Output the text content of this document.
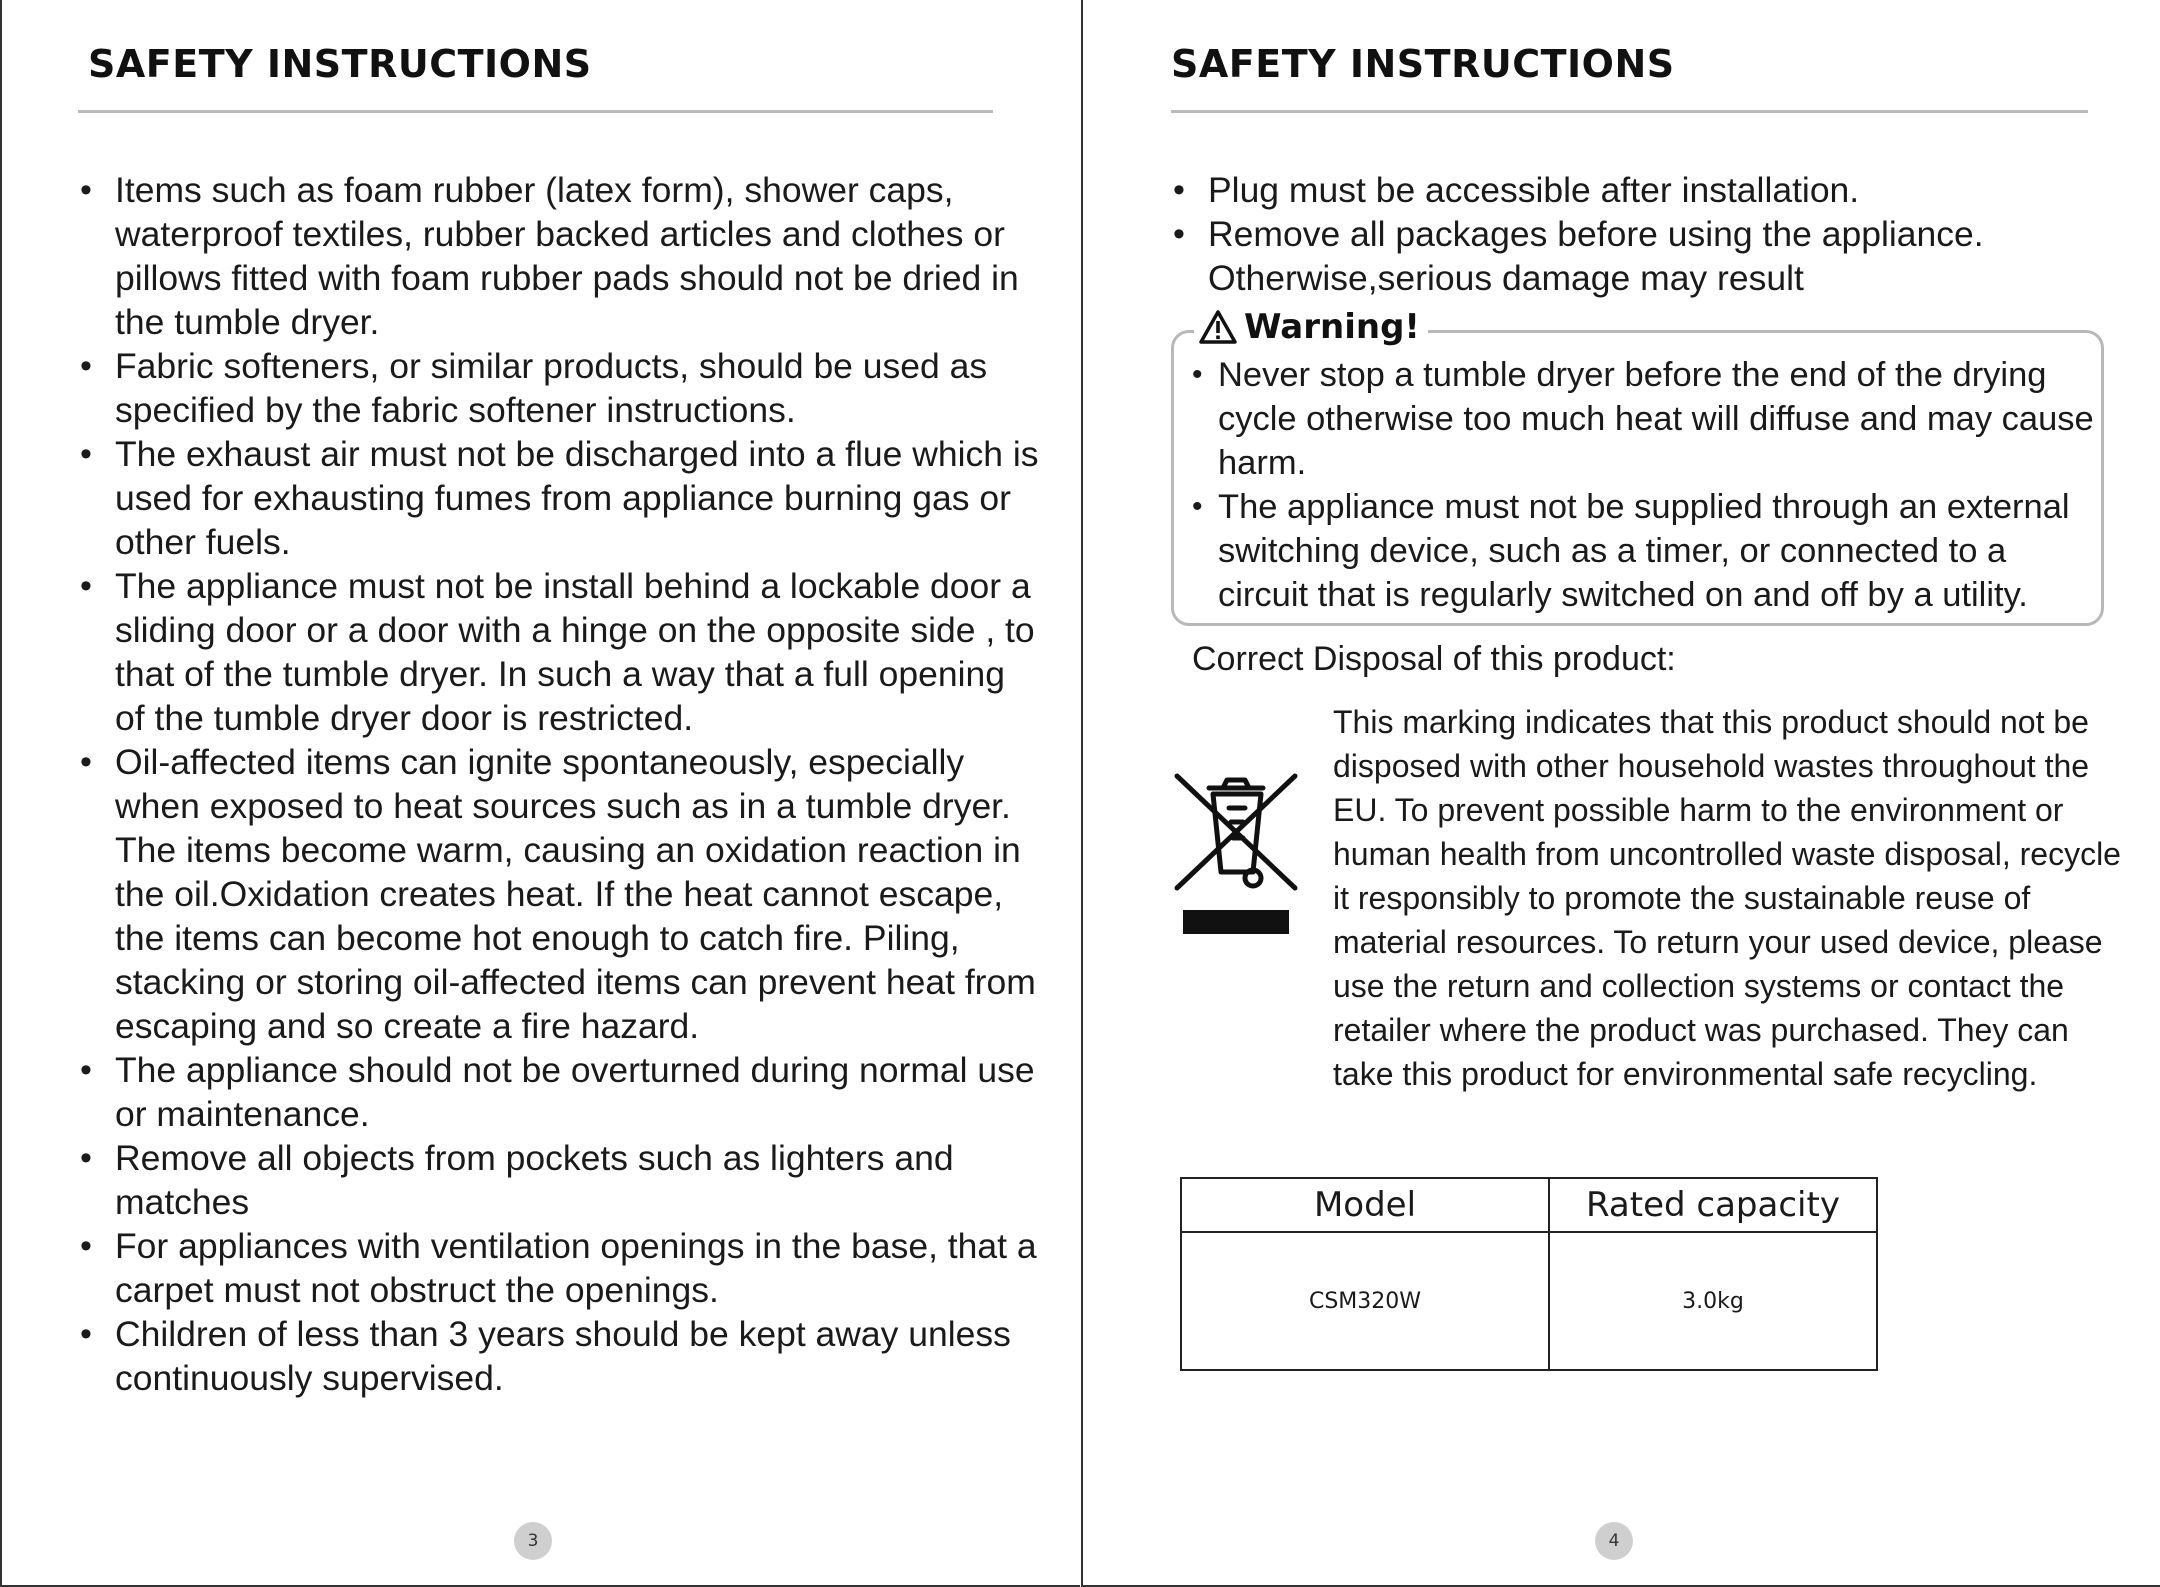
SAFETY INSTRUCTIONS
• Items such as foam rubber (latex form), shower caps, waterproof textiles, rubber backed articles and clothes or pillows fitted with foam rubber pads should not be dried in the tumble dryer.
• Fabric softeners, or similar products, should be used as specified by the fabric softener instructions.
• The exhaust air must not be discharged into a flue which is used for exhausting fumes from appliance burning gas or other fuels.
• The appliance must not be install behind a lockable door a sliding door or a door with a hinge on the opposite side , to that of the tumble dryer. In such a way that a full opening of the tumble dryer door is restricted.
• Oil-affected items can ignite spontaneously, especially when exposed to heat sources such as in a tumble dryer. The items become warm, causing an oxidation reaction in the oil.Oxidation creates heat. If the heat cannot escape, the items can become hot enough to catch fire. Piling, stacking or storing oil-affected items can prevent heat from escaping and so create a fire hazard.
• The appliance should not be overturned during normal use or maintenance.
• Remove all objects from pockets such as lighters and matches
• For appliances with ventilation openings in the base, that a carpet must not obstruct the openings.
• Children of less than 3 years should be kept away unless continuously supervised.
3
SAFETY INSTRUCTIONS
• Plug must be accessible after installation.
• Remove all packages before using the appliance. Otherwise,serious damage may result
Warning!
• Never stop a tumble dryer before the end of the drying cycle otherwise too much heat will diffuse and may cause harm.
• The appliance must not be supplied through an external switching device, such as a timer, or connected to a circuit that is regularly switched on and off by a utility.
Correct Disposal of this product:

This marking indicates that this product should not be disposed with other household wastes throughout the EU. To prevent possible harm to the environment or human health from uncontrolled waste disposal, recycle it responsibly to promote the sustainable reuse of material resources. To return your used device, please use the return and collection systems or contact the retailer where the product was purchased. They can take this product for environmental safe recycling.

Model	Rated capacity
CSM320W	3.0kg
4
